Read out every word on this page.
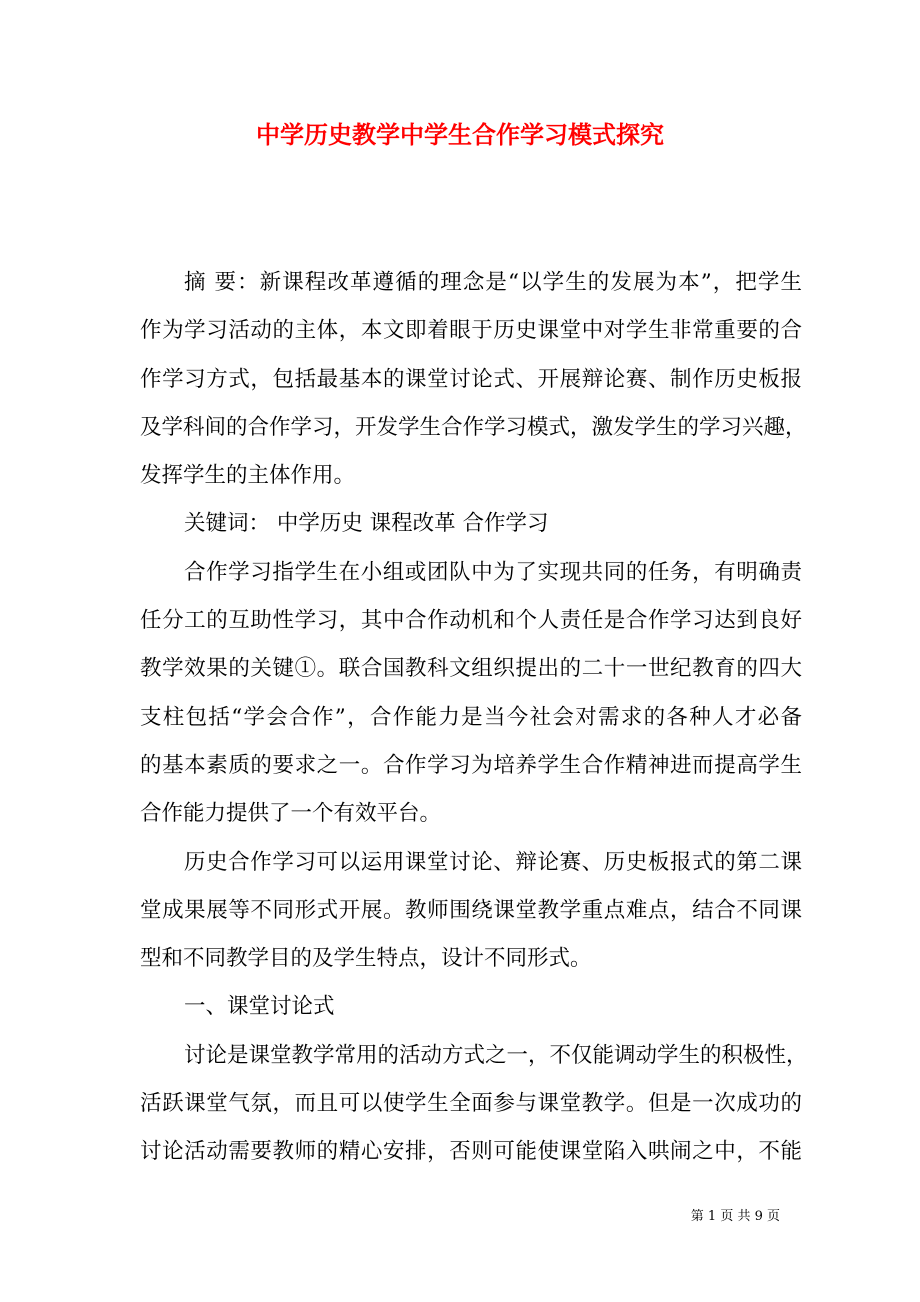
中学历史教学中学生合作学习模式探究
摘 要：新课程改革遵循的理念是“以学生的发展为本”，把学生
作为学习活动的主体，本文即着眼于历史课堂中对学生非常重要的合
作学习方式，包括最基本的课堂讨论式、开展辩论赛、制作历史板报
及学科间的合作学习，开发学生合作学习模式，激发学生的学习兴趣，
发挥学生的主体作用。
关键词： 中学历史 课程改革 合作学习
合作学习指学生在小组或团队中为了实现共同的任务，有明确责
任分工的互助性学习，其中合作动机和个人责任是合作学习达到良好
教学效果的关键①。联合国教科文组织提出的二十一世纪教育的四大
支柱包括“学会合作”，合作能力是当今社会对需求的各种人才必备
的基本素质的要求之一。合作学习为培养学生合作精神进而提高学生
合作能力提供了一个有效平台。
历史合作学习可以运用课堂讨论、辩论赛、历史板报式的第二课
堂成果展等不同形式开展。教师围绕课堂教学重点难点，结合不同课
型和不同教学目的及学生特点，设计不同形式。
一、课堂讨论式
讨论是课堂教学常用的活动方式之一，不仅能调动学生的积极性，
活跃课堂气氛，而且可以使学生全面参与课堂教学。但是一次成功的
讨论活动需要教师的精心安排，否则可能使课堂陷入哄闹之中，不能
第 1 页 共 9 页
